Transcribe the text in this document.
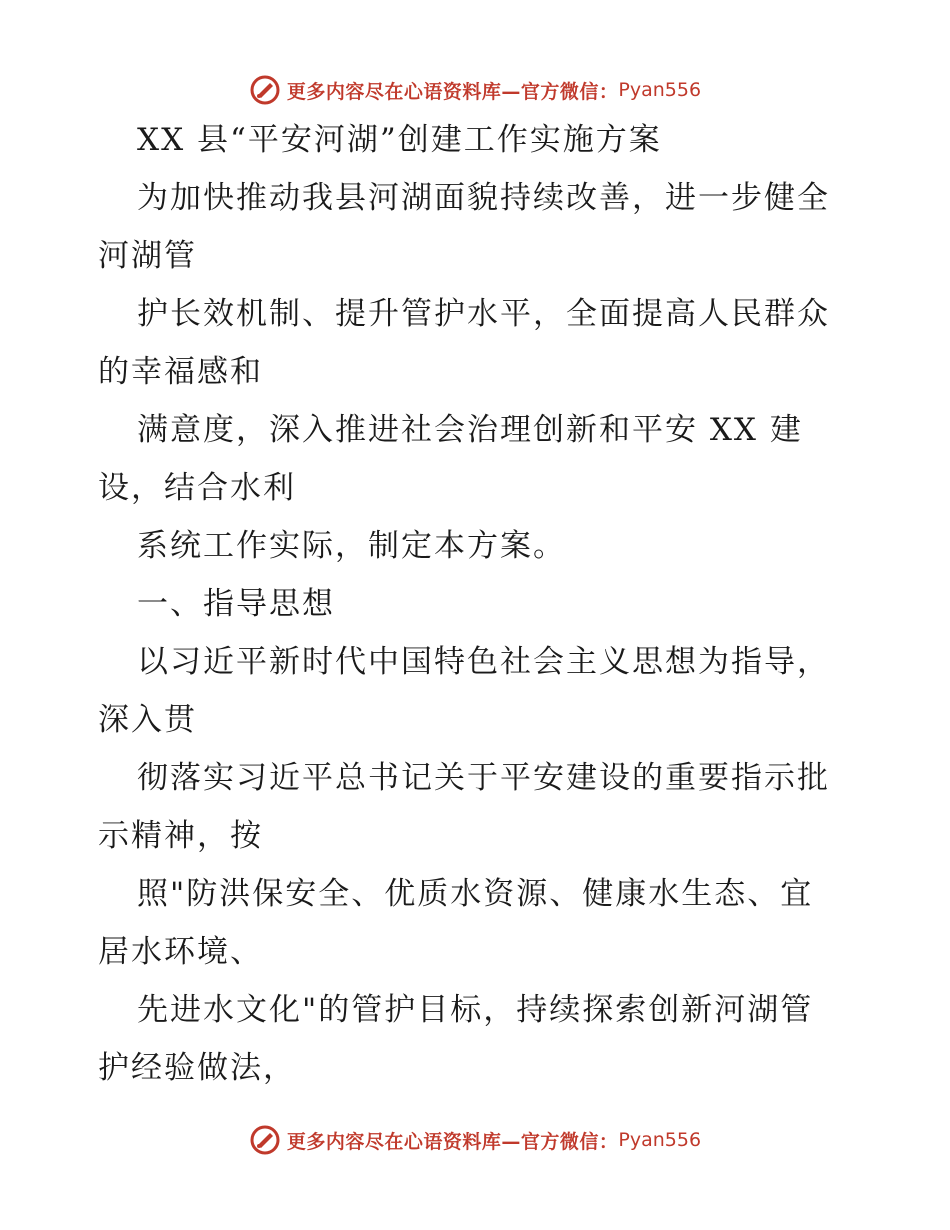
更多内容尽在心语资料库—官方微信： Pyan556
XX 县“平安河湖”创建工作实施方案
为加快推动我县河湖面貌持续改善，进一步健全
河湖管
护长效机制、提升管护水平，全面提高人民群众
的幸福感和
满意度，深入推进社会治理创新和平安 XX 建
设，结合水利
系统工作实际，制定本方案。
一、指导思想
以习近平新时代中国特色社会主义思想为指导，
深入贯
彻落实习近平总书记关于平安建设的重要指示批
示精神，按
照"防洪保安全、优质水资源、健康水生态、宜
居水环境、
先进水文化"的管护目标，持续探索创新河湖管
护经验做法，
更多内容尽在心语资料库—官方微信： Pyan556
